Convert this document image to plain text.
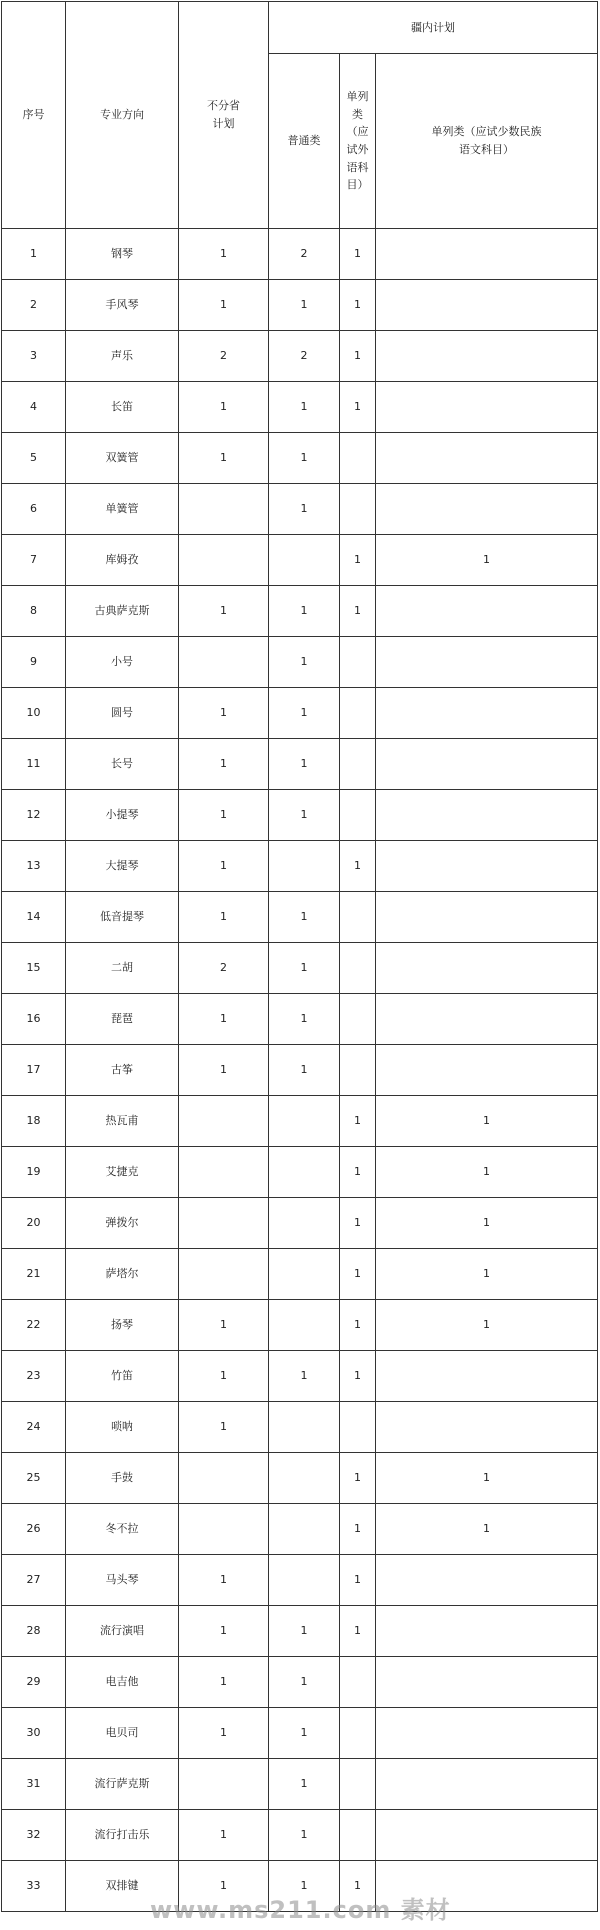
序号	专业方向	不分省计划	疆内计划		
			普通类	单列类（应试外语科目）	单列类（应试少数民族语文科目）

1	钢琴	1	2	1	
2	手风琴	1	1	1	
3	声乐	2	2	1	
4	长笛	1	1	1	
5	双簧管	1	1		
6	单簧管		1		
7	库姆孜			1	1
8	古典萨克斯	1	1	1	
9	小号		1		
10	圆号	1	1		
11	长号	1	1		
12	小提琴	1	1		
13	大提琴	1		1	
14	低音提琴	1	1		
15	二胡	2	1		
16	琵琶	1	1		
17	古筝	1	1		
18	热瓦甫			1	1
19	艾捷克			1	1
20	弹拨尔			1	1
21	萨塔尔			1	1
22	扬琴	1		1	1
23	竹笛	1	1	1	
24	唢呐	1			
25	手鼓			1	1
26	冬不拉			1	1
27	马头琴	1		1	
28	流行演唱	1	1	1	
29	电吉他	1	1		
30	电贝司	1	1		
31	流行萨克斯		1		
32	流行打击乐	1	1		
33	双排键	1	1	1	
www.ms211.com 素材
